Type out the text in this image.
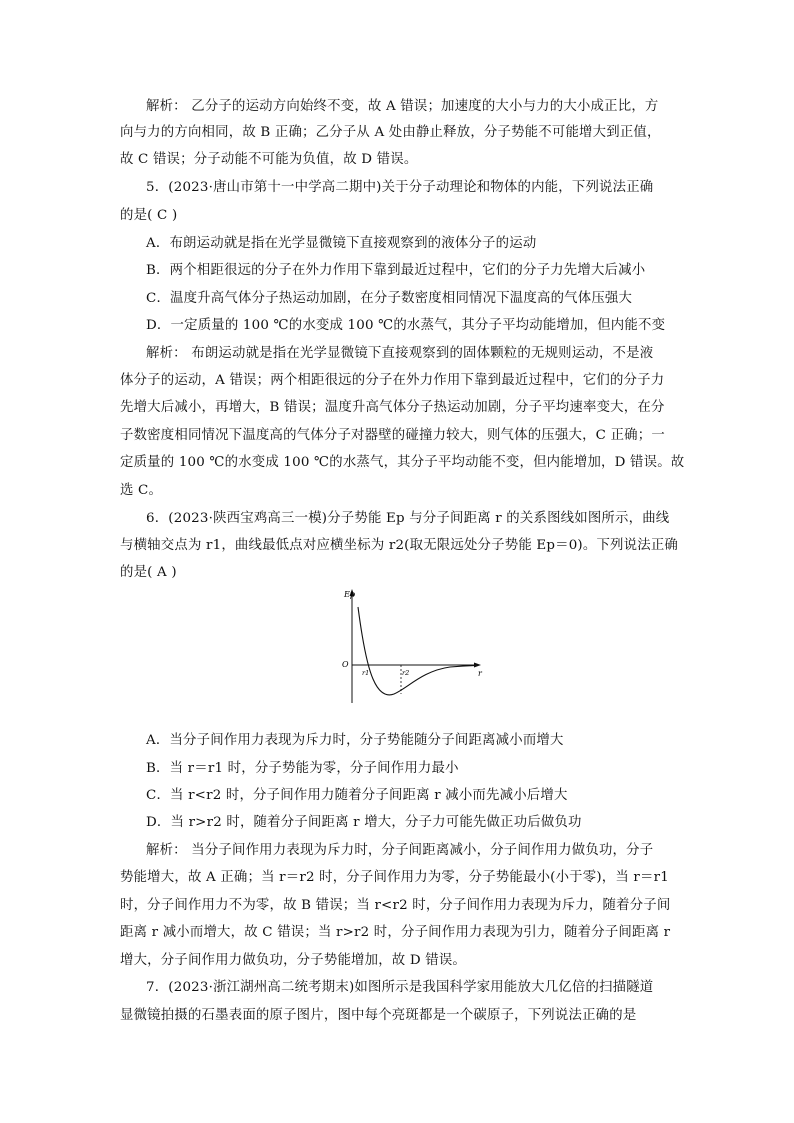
解析： 乙分子的运动方向始终不变，故 A 错误；加速度的大小与力的大小成正比，方
向与力的方向相同，故 B 正确；乙分子从 A 处由静止释放，分子势能不可能增大到正值，
故 C 错误；分子动能不可能为负值，故 D 错误。
5．(2023·唐山市第十一中学高二期中)关于分子动理论和物体的内能，下列说法正确
的是( C )
A．布朗运动就是指在光学显微镜下直接观察到的液体分子的运动
B．两个相距很远的分子在外力作用下靠到最近过程中，它们的分子力先增大后减小
C．温度升高气体分子热运动加剧，在分子数密度相同情况下温度高的气体压强大
D．一定质量的 100 ℃的水变成 100 ℃的水蒸气，其分子平均动能增加，但内能不变
解析： 布朗运动就是指在光学显微镜下直接观察到的固体颗粒的无规则运动，不是液
体分子的运动，A 错误；两个相距很远的分子在外力作用下靠到最近过程中，它们的分子力
先增大后减小，再增大，B 错误；温度升高气体分子热运动加剧，分子平均速率变大，在分
子数密度相同情况下温度高的气体分子对器壁的碰撞力较大，则气体的压强大，C 正确；一
定质量的 100 ℃的水变成 100 ℃的水蒸气，其分子平均动能不变，但内能增加，D 错误。故
选 C。
6．(2023·陕西宝鸡高三一模)分子势能 Ep 与分子间距离 r 的关系图线如图所示，曲线
与横轴交点为 r1，曲线最低点对应横坐标为 r2(取无限远处分子势能 Ep＝0)。下列说法正确
的是( A )
A．当分子间作用力表现为斥力时，分子势能随分子间距离减小而增大
B．当 r＝r1 时，分子势能为零，分子间作用力最小
C．当 r<r2 时，分子间作用力随着分子间距离 r 减小而先减小后增大
D．当 r>r2 时，随着分子间距离 r 增大，分子力可能先做正功后做负功
解析： 当分子间作用力表现为斥力时，分子间距离减小，分子间作用力做负功，分子
势能增大，故 A 正确；当 r＝r2 时，分子间作用力为零，分子势能最小(小于零)，当 r＝r1
时，分子间作用力不为零，故 B 错误；当 r<r2 时，分子间作用力表现为斥力，随着分子间
距离 r 减小而增大，故 C 错误；当 r>r2 时，分子间作用力表现为引力，随着分子间距离 r
增大，分子间作用力做负功，分子势能增加，故 D 错误。
7．(2023·浙江湖州高二统考期末)如图所示是我国科学家用能放大几亿倍的扫描隧道
显微镜拍摄的石墨表面的原子图片，图中每个亮斑都是一个碳原子，下列说法正确的是
Ep
O
r
r1	r2
